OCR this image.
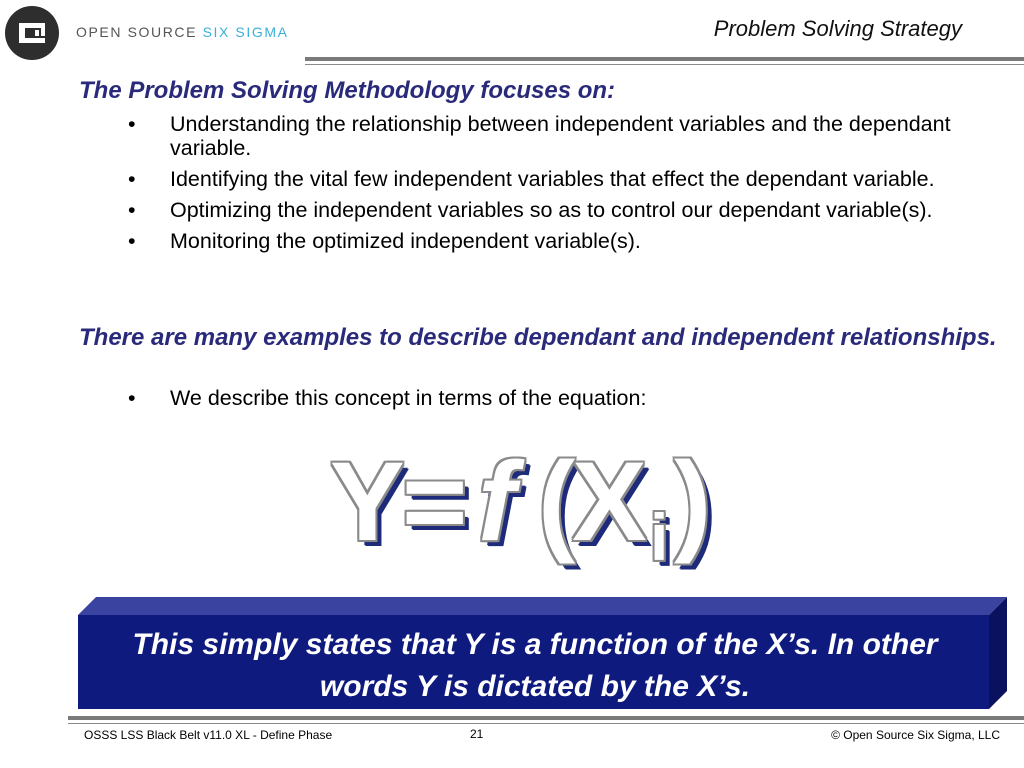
OPEN SOURCE SIX SIGMA	Problem Solving Strategy
The Problem Solving Methodology focuses on:
• Understanding the relationship between independent variables and the dependant variable.
• Identifying the vital few independent variables that effect the dependant variable.
• Optimizing the independent variables so as to control our dependant variable(s).
• Monitoring the optimized independent variable(s).
There are many examples to describe dependant and independent relationships.
• We describe this concept in terms of the equation:
Y
= f (
X i )
This simply states that Y is a function of the X’s. In other words Y is dictated by the X’s.
OSSS LSS Black Belt v11.0 XL - Define Phase	21	© Open Source Six Sigma, LLC
